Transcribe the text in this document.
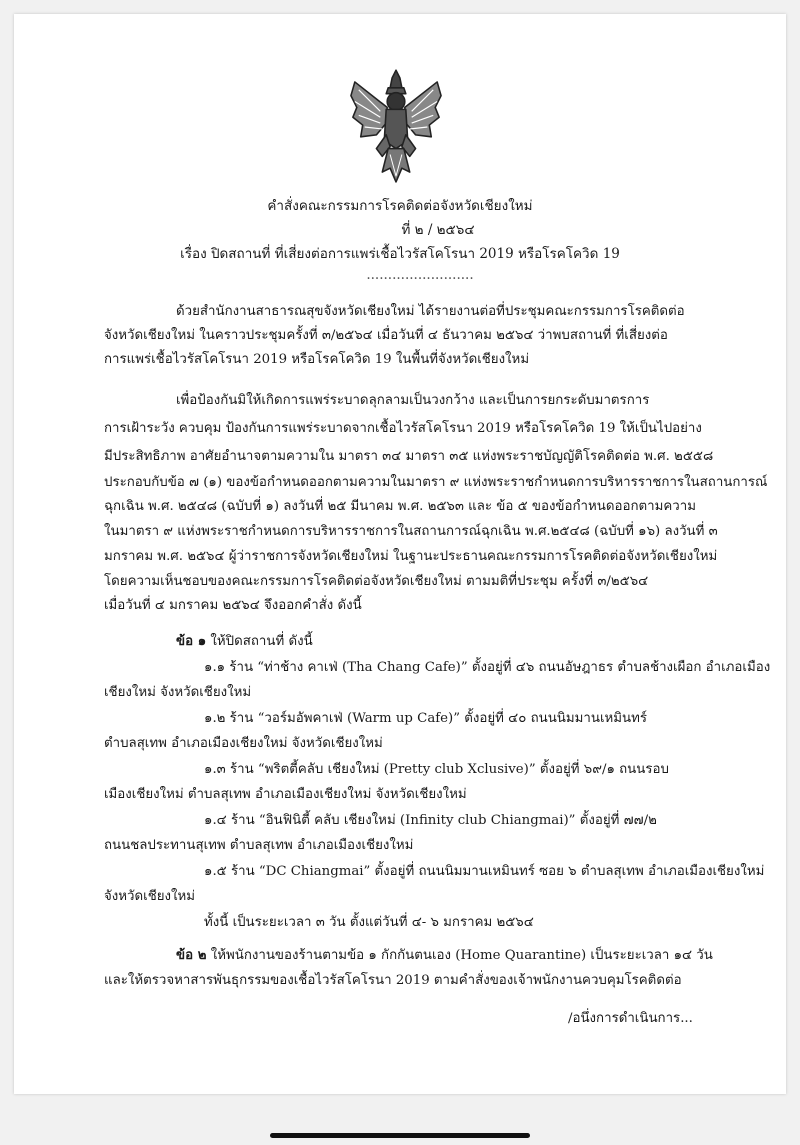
คำสั่งคณะกรรมการโรคติดต่อจังหวัดเชียงใหม่
ที่ ๒ / ๒๕๖๔
เรื่อง ปิดสถานที่ ที่เสี่ยงต่อการแพร่เชื้อไวรัสโคโรนา 2019 หรือโรคโควิด 19
.........................
ด้วยสำนักงานสาธารณสุขจังหวัดเชียงใหม่ ได้รายงานต่อที่ประชุมคณะกรรมการโรคติดต่อ
จังหวัดเชียงใหม่ ในคราวประชุมครั้งที่ ๓/๒๕๖๔ เมื่อวันที่ ๔ ธันวาคม ๒๕๖๔ ว่าพบสถานที่ ที่เสี่ยงต่อ
การแพร่เชื้อไวรัสโคโรนา 2019 หรือโรคโควิด 19 ในพื้นที่จังหวัดเชียงใหม่
เพื่อป้องกันมิให้เกิดการแพร่ระบาดลุกลามเป็นวงกว้าง และเป็นการยกระดับมาตรการ
การเฝ้าระวัง ควบคุม ป้องกันการแพร่ระบาดจากเชื้อไวรัสโคโรนา 2019 หรือโรคโควิด 19 ให้เป็นไปอย่าง
มีประสิทธิภาพ อาศัยอำนาจตามความใน มาตรา ๓๔ มาตรา ๓๕ แห่งพระราชบัญญัติโรคติดต่อ พ.ศ. ๒๕๕๘
ประกอบกับข้อ ๗ (๑) ของข้อกำหนดออกตามความในมาตรา ๙ แห่งพระราชกำหนดการบริหารราชการในสถานการณ์
ฉุกเฉิน พ.ศ. ๒๕๔๘ (ฉบับที่ ๑) ลงวันที่ ๒๕ มีนาคม พ.ศ. ๒๕๖๓ และ ข้อ ๕ ของข้อกำหนดออกตามความ
ในมาตรา ๙ แห่งพระราชกำหนดการบริหารราชการในสถานการณ์ฉุกเฉิน พ.ศ.๒๕๔๘ (ฉบับที่ ๑๖) ลงวันที่ ๓
มกราคม พ.ศ. ๒๕๖๔ ผู้ว่าราชการจังหวัดเชียงใหม่ ในฐานะประธานคณะกรรมการโรคติดต่อจังหวัดเชียงใหม่
โดยความเห็นชอบของคณะกรรมการโรคติดต่อจังหวัดเชียงใหม่ ตามมติที่ประชุม ครั้งที่ ๓/๒๕๖๔
เมื่อวันที่ ๔ มกราคม ๒๕๖๔ จึงออกคำสั่ง ดังนี้
ข้อ ๑ ให้ปิดสถานที่ ดังนี้
๑.๑ ร้าน “ท่าช้าง คาเฟ่ (Tha Chang Cafe)” ตั้งอยู่ที่ ๔๖ ถนนอัษฎาธร ตำบลช้างเผือก อำเภอเมือง
เชียงใหม่ จังหวัดเชียงใหม่
๑.๒ ร้าน “วอร์มอัพคาเฟ่ (Warm up Cafe)” ตั้งอยู่ที่ ๔๐ ถนนนิมมานเหมินทร์
ตำบลสุเทพ อำเภอเมืองเชียงใหม่ จังหวัดเชียงใหม่
๑.๓ ร้าน “พริตตี้คลับ เชียงใหม่ (Pretty club Xclusive)” ตั้งอยู่ที่ ๖๙/๑ ถนนรอบ
เมืองเชียงใหม่ ตำบลสุเทพ อำเภอเมืองเชียงใหม่ จังหวัดเชียงใหม่
๑.๔ ร้าน “อินฟินิตี้ คลับ เชียงใหม่ (Infinity club Chiangmai)” ตั้งอยู่ที่ ๗๗/๒
ถนนชลประทานสุเทพ ตำบลสุเทพ อำเภอเมืองเชียงใหม่
๑.๕ ร้าน “DC Chiangmai” ตั้งอยู่ที่ ถนนนิมมานเหมินทร์ ซอย ๖ ตำบลสุเทพ อำเภอเมืองเชียงใหม่
จังหวัดเชียงใหม่
ทั้งนี้ เป็นระยะเวลา ๓ วัน ตั้งแต่วันที่ ๔- ๖ มกราคม ๒๕๖๔
ข้อ ๒ ให้พนักงานของร้านตามข้อ ๑ กักกันตนเอง (Home Quarantine) เป็นระยะเวลา ๑๔ วัน
และให้ตรวจหาสารพันธุกรรมของเชื้อไวรัสโคโรนา 2019 ตามคำสั่งของเจ้าพนักงานควบคุมโรคติดต่อ
/อนึ่งการดำเนินการ...
